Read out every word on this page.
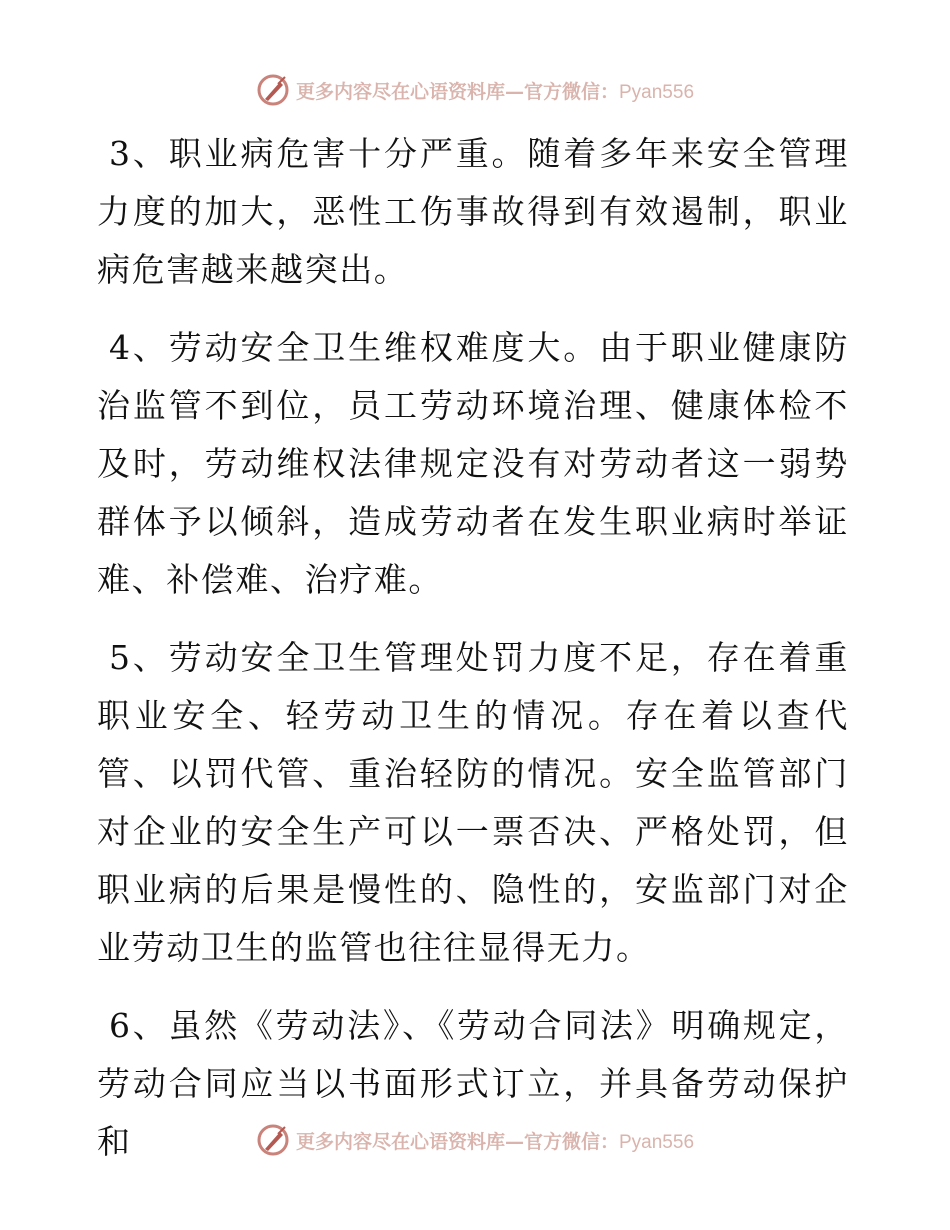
更多内容尽在心语资料库—官方微信：Pyan556

3、职业病危害十分严重。随着多年来安全管理力度的加大，恶性工伤事故得到有效遏制，职业病危害越来越突出。

4、劳动安全卫生维权难度大。由于职业健康防治监管不到位，员工劳动环境治理、健康体检不及时，劳动维权法律规定没有对劳动者这一弱势群体予以倾斜，造成劳动者在发生职业病时举证难、补偿难、治疗难。

5、劳动安全卫生管理处罚力度不足，存在着重职业安全、轻劳动卫生的情况。存在着以查代管、以罚代管、重治轻防的情况。安全监管部门对企业的安全生产可以一票否决、严格处罚，但职业病的后果是慢性的、隐性的，安监部门对企业劳动卫生的监管也往往显得无力。

6、虽然《劳动法》、《劳动合同法》明确规定，劳动合同应当以书面形式订立，并具备劳动保护和	更多内容尽在心语资料库—官方微信：Pyan556
